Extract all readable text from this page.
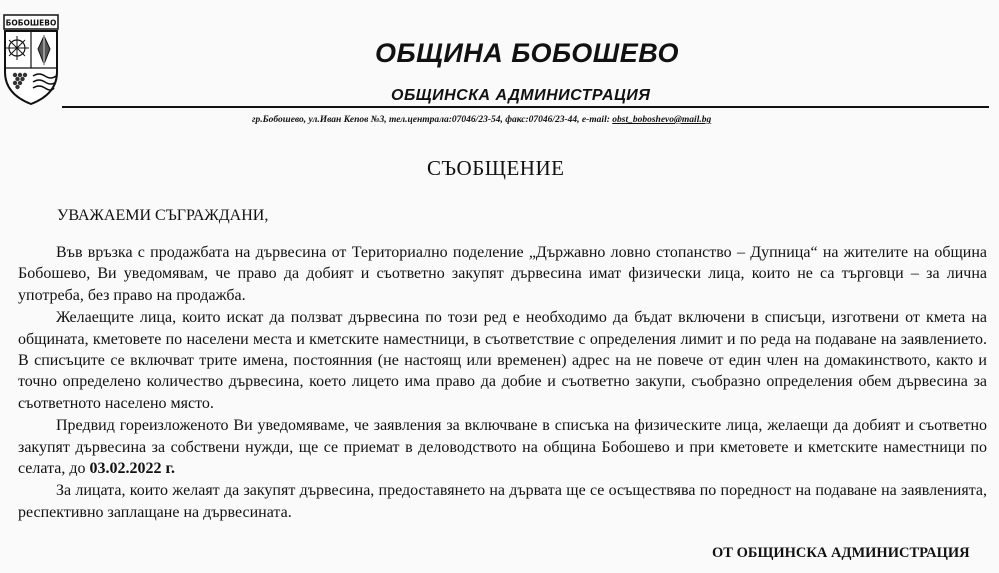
БОБОШЕВО
ОБЩИНА БОБОШЕВО
ОБЩИНСКА АДМИНИСТРАЦИЯ
гр.Бобошево, ул.Иван Кепов №3, тел.централа:07046/23-54, факс:07046/23-44, e-mail: obst_boboshevo@mail.bg
СЪОБЩЕНИЕ
УВАЖАЕМИ СЪГРАЖДАНИ,

Във връзка с продажбата на дървесина от Териториално поделение „Държавно ловно стопанство – Дупница“ на жителите на община Бобошево, Ви уведомявам, че право да добият и съответно закупят дървесина имат физически лица, които не са търговци – за лична употреба, без право на продажба.

Желаещите лица, които искат да ползват дървесина по този ред е необходимо да бъдат включени в списъци, изготвени от кмета на общината, кметовете по населени места и кметските наместници, в съответствие с определения лимит и по реда на подаване на заявлението. В списъците се включват трите имена, постоянния (не настоящ или временен) адрес на не повече от един член на домакинството, както и точно определено количество дървесина, което лицето има право да добие и съответно закупи, съобразно определения обем дървесина за съответното населено място.

Предвид гореизложеното Ви уведомяваме, че заявления за включване в списъка на физическите лица, желаещи да добият и съответно закупят дървесина за собствени нужди, ще се приемат в деловодството на община Бобошево и при кметовете и кметските наместници по селата, до 03.02.2022 г.

За лицата, които желаят да закупят дървесина, предоставянето на дървата ще се осъществява по поредност на подаване на заявленията, респективно заплащане на дървесината.

ОТ ОБЩИНСКА АДМИНИСТРАЦИЯ
